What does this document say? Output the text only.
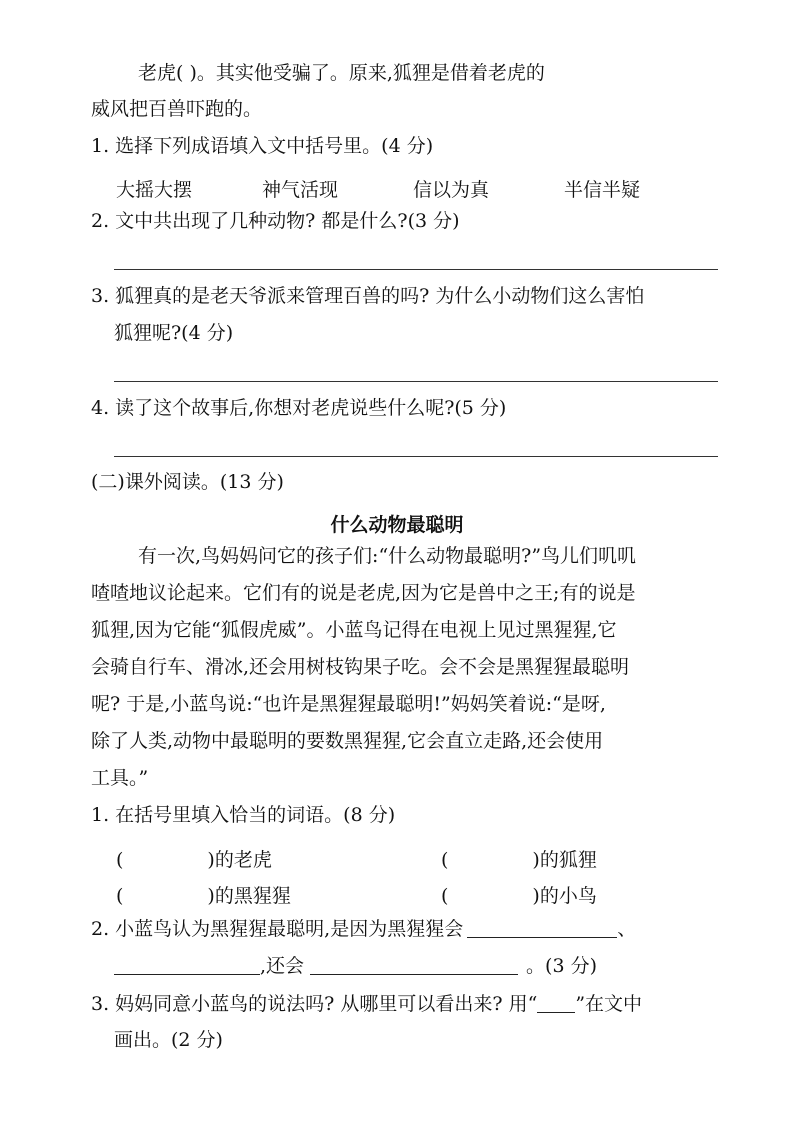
老虎( )。其实他受骗了。原来,狐狸是借着老虎的
威风把百兽吓跑的。
1. 选择下列成语填入文中括号里。(4 分)
大摇大摆	神气活现	信以为真	半信半疑
2. 文中共出现了几种动物? 都是什么?(3 分)
3. 狐狸真的是老天爷派来管理百兽的吗? 为什么小动物们这么害怕
狐狸呢?(4 分)
4. 读了这个故事后,你想对老虎说些什么呢?(5 分)
(二)课外阅读。(13 分)
什么动物最聪明
有一次,鸟妈妈问它的孩子们:“什么动物最聪明?”鸟儿们叽叽
喳喳地议论起来。它们有的说是老虎,因为它是兽中之王;有的说是
狐狸,因为它能“狐假虎威”。小蓝鸟记得在电视上见过黑猩猩,它
会骑自行车、滑冰,还会用树枝钩果子吃。会不会是黑猩猩最聪明
呢? 于是,小蓝鸟说:“也许是黑猩猩最聪明!”妈妈笑着说:“是呀,
除了人类,动物中最聪明的要数黑猩猩,它会直立走路,还会使用
工具。”
1. 在括号里填入恰当的词语。(8 分)
(	)的老虎	(	)的狐狸
(	)的黑猩猩	(	)的小鸟
2. 小蓝鸟认为黑猩猩最聪明,是因为黑猩猩会	、
,还会	。(3 分)
3. 妈妈同意小蓝鸟的说法吗? 从哪里可以看出来? 用“ ”在文中
画出。(2 分)
